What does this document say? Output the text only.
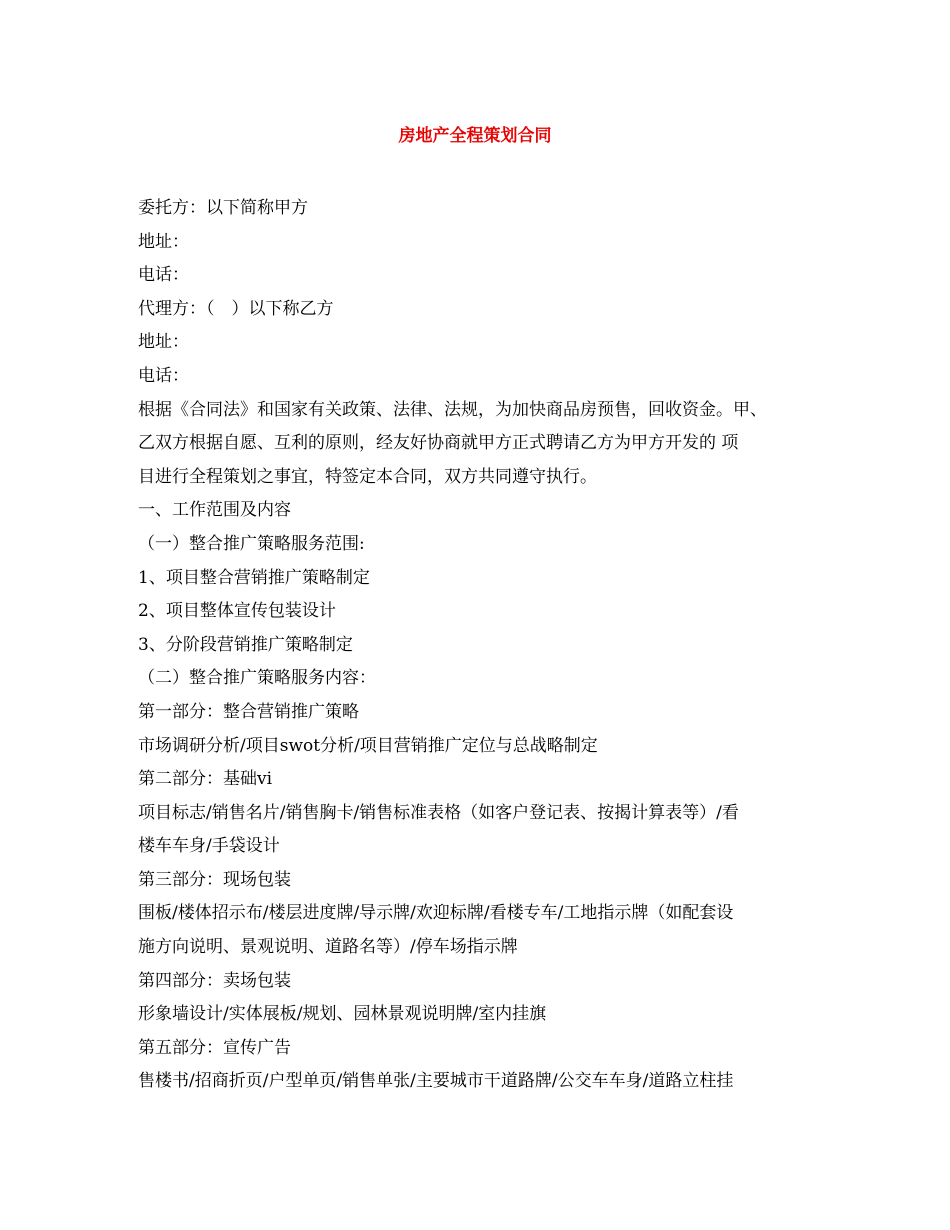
房地产全程策划合同

委托方：以下简称甲方

地址：

电话：

代理方：（　）以下称乙方

地址：

电话：

根据《合同法》和国家有关政策、法律、法规，为加快商品房预售，回收资金。甲、

乙双方根据自愿、互利的原则，经友好协商就甲方正式聘请乙方为甲方开发的 项

目进行全程策划之事宜，特签定本合同，双方共同遵守执行。

一、工作范围及内容

（一）整合推广策略服务范围:

1、项目整合营销推广策略制定

2、项目整体宣传包装设计

3、分阶段营销推广策略制定

（二）整合推广策略服务内容：

第一部分：整合营销推广策略

市场调研分析/项目swot分析/项目营销推广定位与总战略制定

第二部分：基础vi

项目标志/销售名片/销售胸卡/销售标准表格（如客户登记表、按揭计算表等）/看

楼车车身/手袋设计

第三部分：现场包装

围板/楼体招示布/楼层进度牌/导示牌/欢迎标牌/看楼专车/工地指示牌（如配套设

施方向说明、景观说明、道路名等）/停车场指示牌

第四部分：卖场包装

形象墙设计/实体展板/规划、园林景观说明牌/室内挂旗

第五部分：宣传广告

售楼书/招商折页/户型单页/销售单张/主要城市干道路牌/公交车车身/道路立柱挂
